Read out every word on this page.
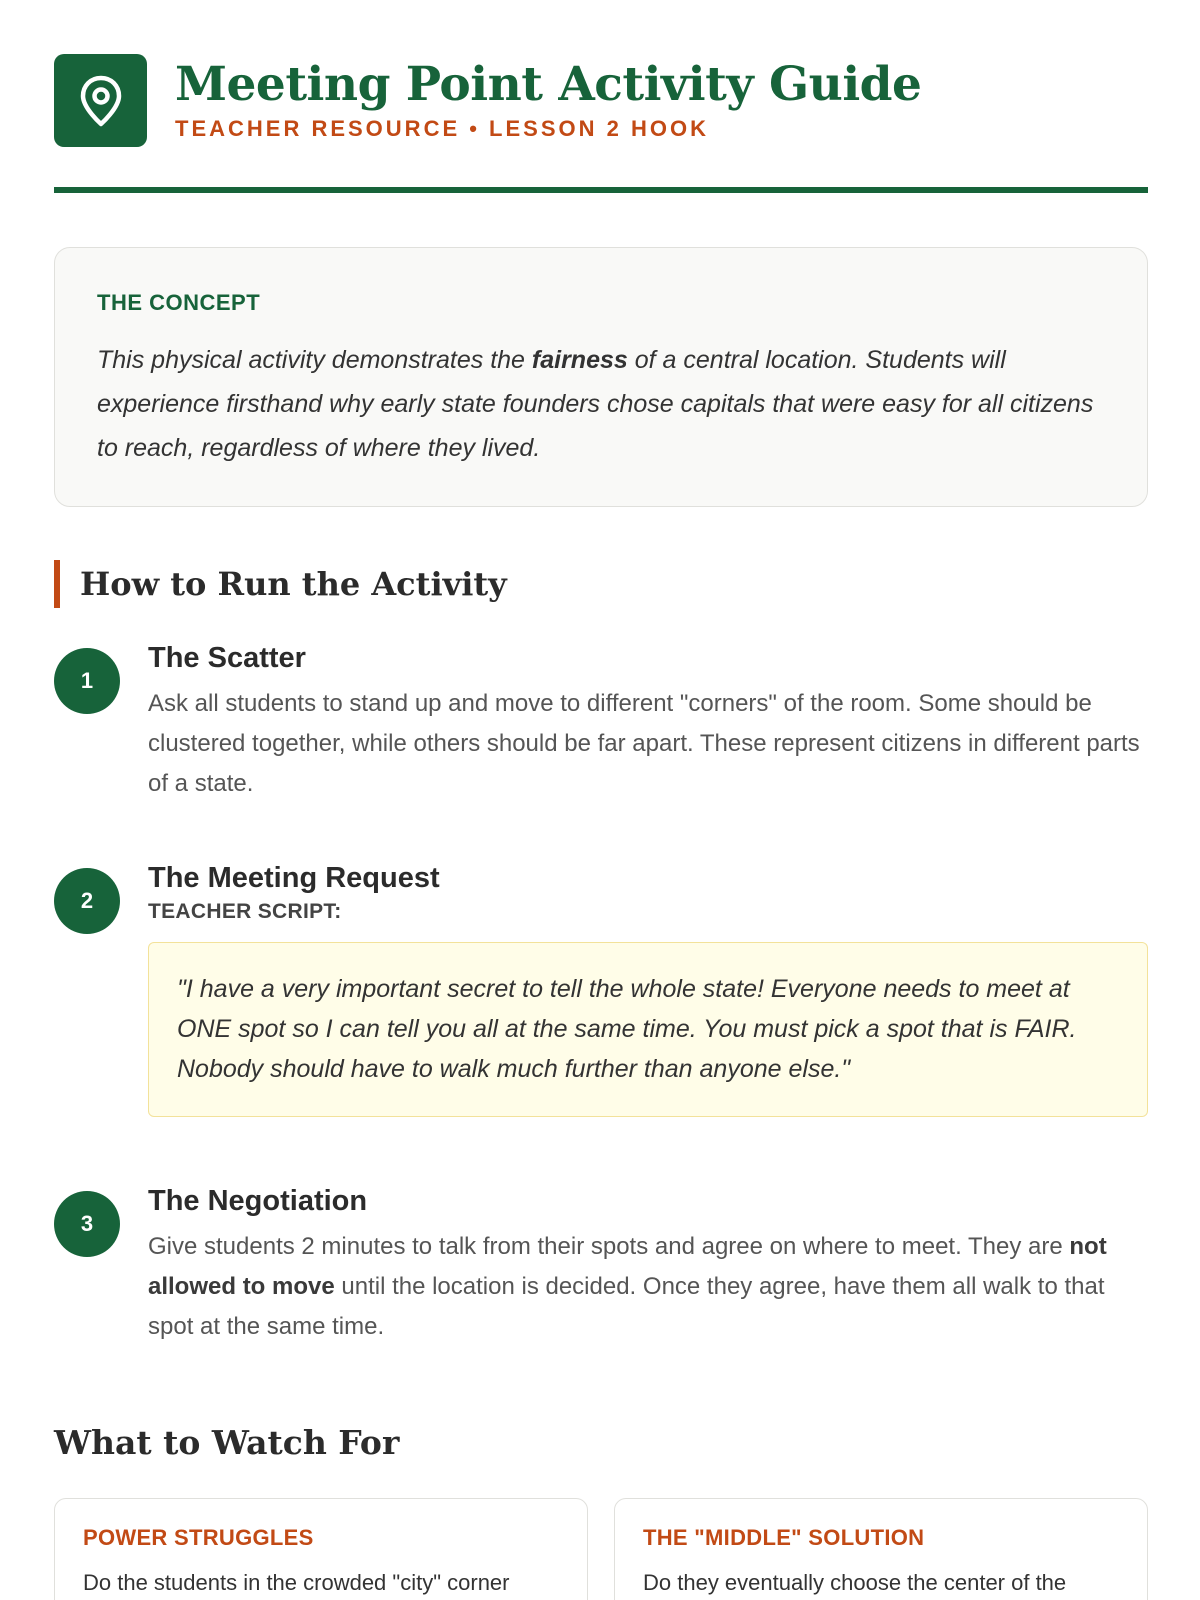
Meeting Point Activity Guide
TEACHER RESOURCE • LESSON 2 HOOK
THE CONCEPT
This physical activity demonstrates the fairness of a central location. Students will experience firsthand why early state founders chose capitals that were easy for all citizens to reach, regardless of where they lived.
How to Run the Activity
1
The Scatter
Ask all students to stand up and move to different "corners" of the room. Some should be clustered together, while others should be far apart. These represent citizens in different parts of a state.
2
The Meeting Request
TEACHER SCRIPT:
"I have a very important secret to tell the whole state! Everyone needs to meet at ONE spot so I can tell you all at the same time. You must pick a spot that is FAIR. Nobody should have to walk much further than anyone else."
3
The Negotiation
Give students 2 minutes to talk from their spots and agree on where to meet. They are not allowed to move until the location is decided. Once they agree, have them all walk to that spot at the same time.
What to Watch For
POWER STRUGGLES
Do the students in the crowded "city" corner
THE "MIDDLE" SOLUTION
Do they eventually choose the center of the
